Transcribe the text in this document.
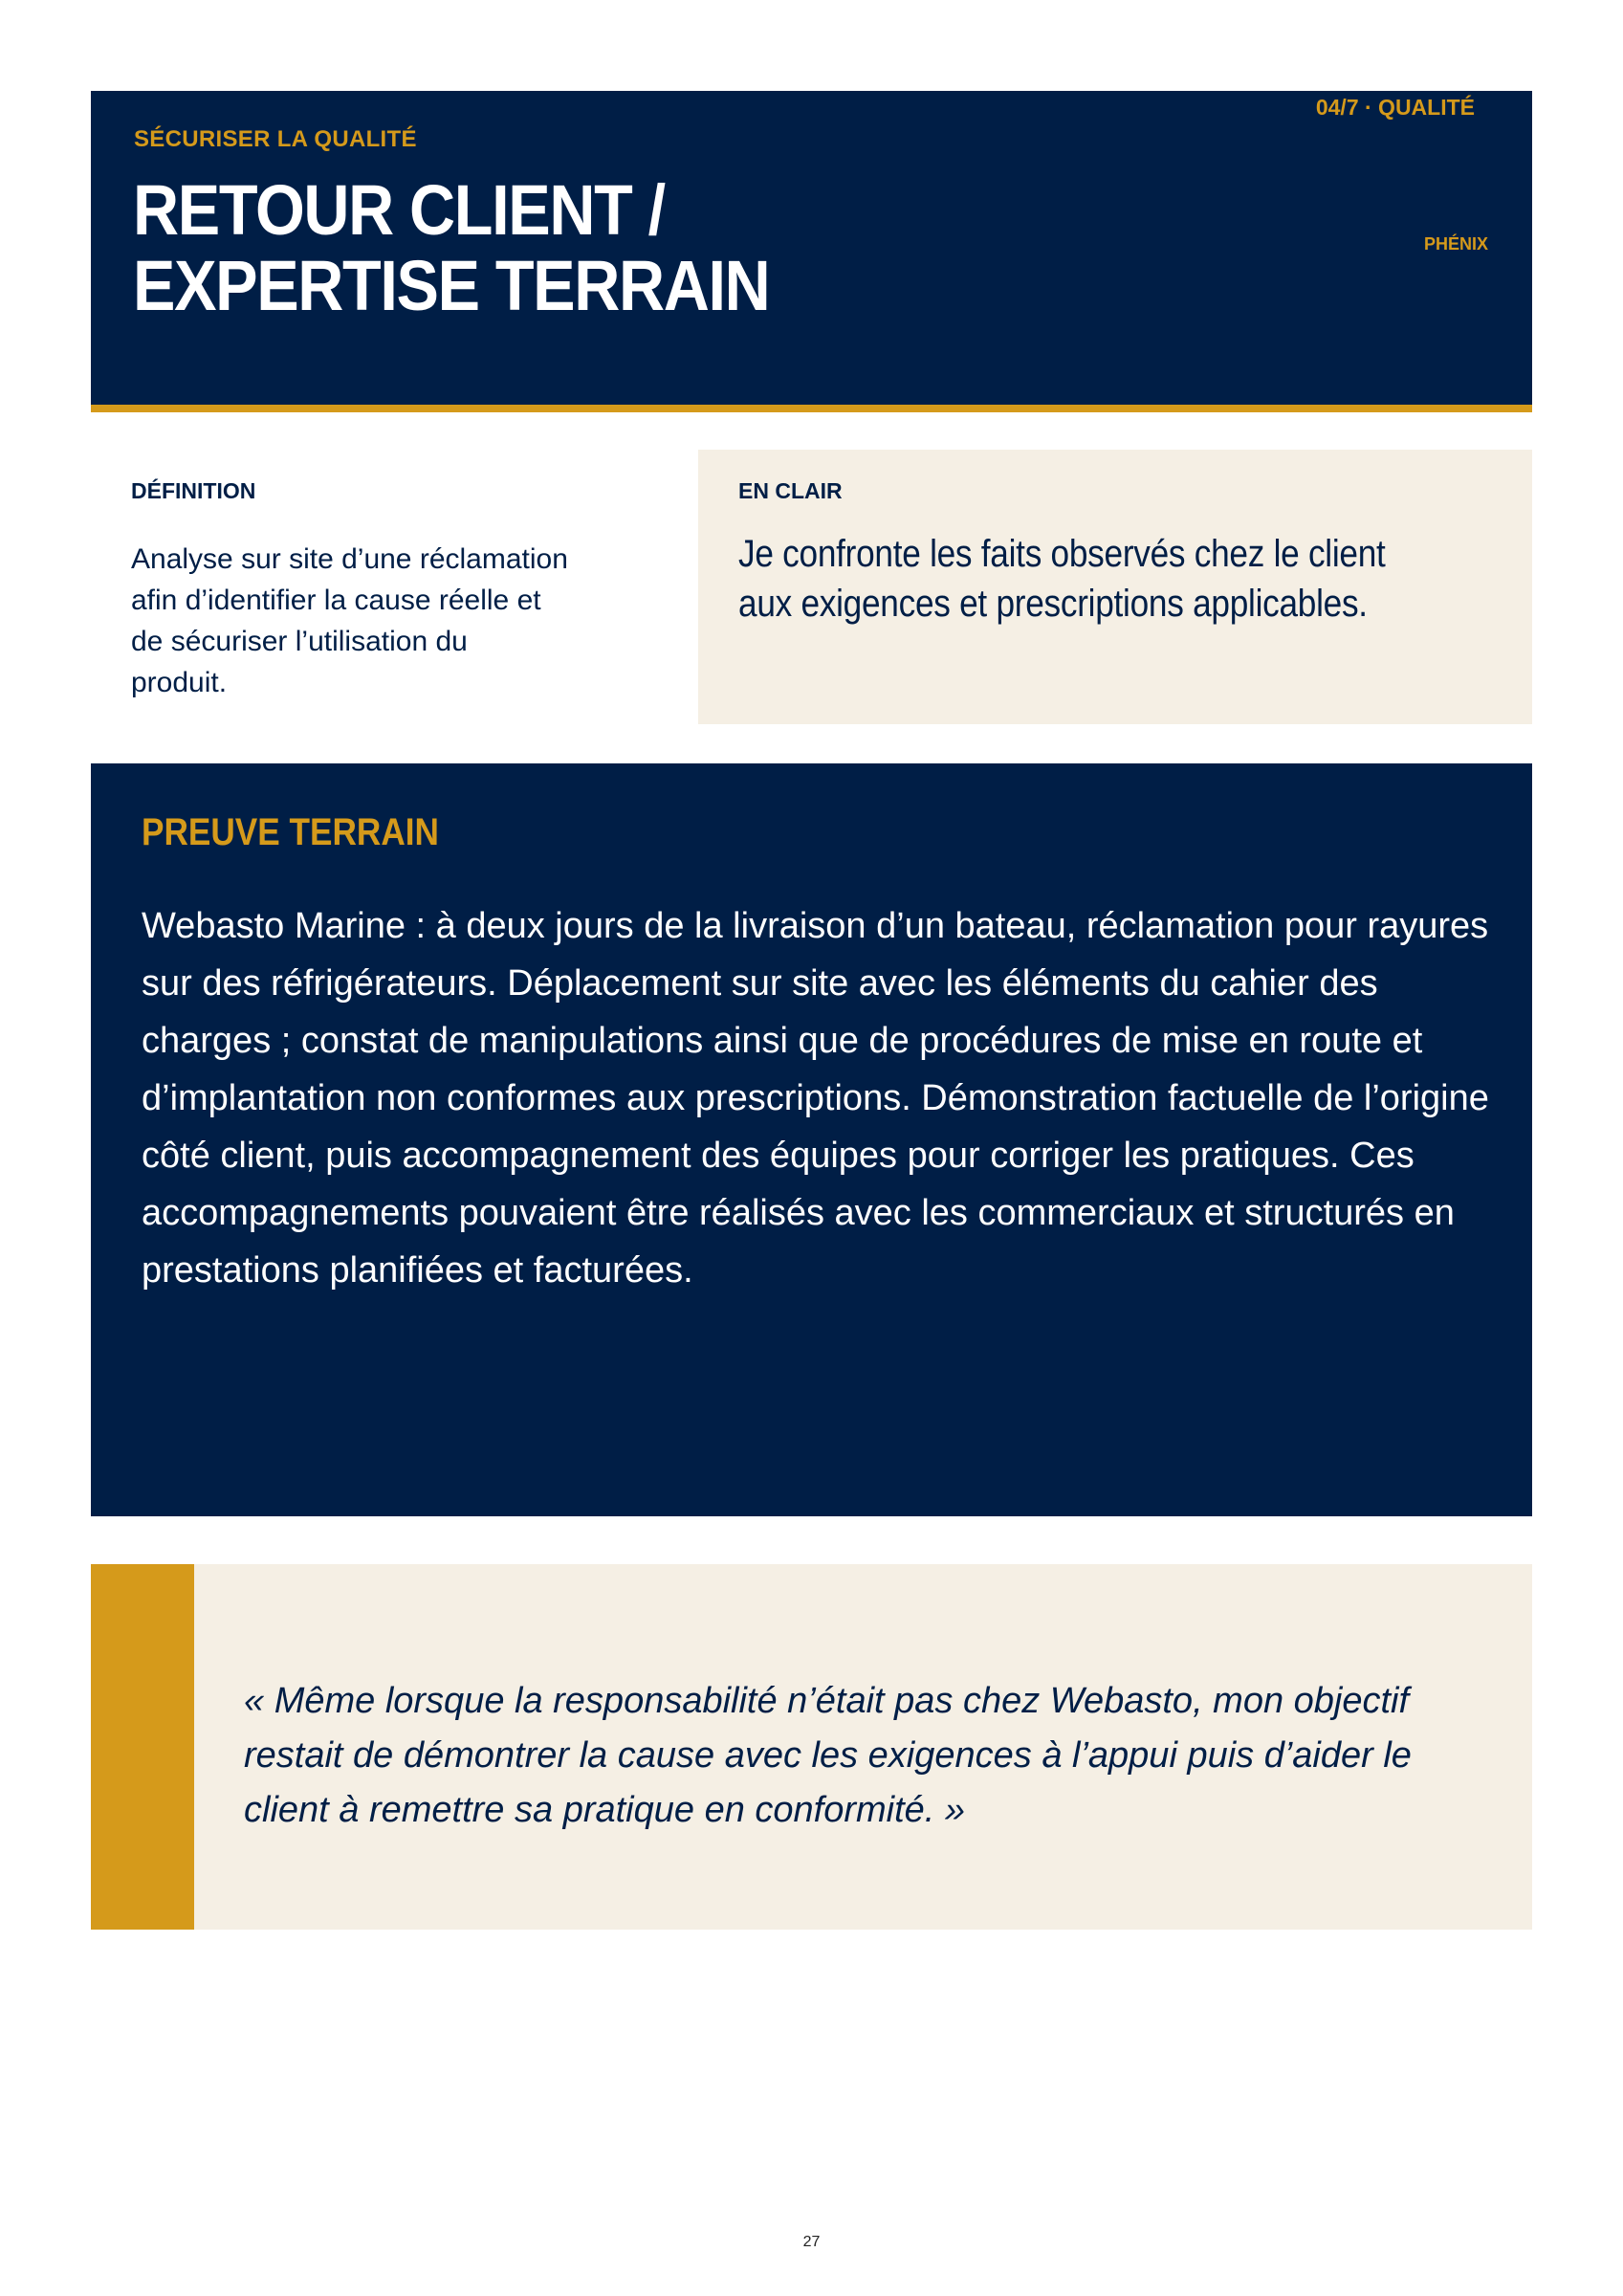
SÉCURISER LA QUALITÉ
RETOUR CLIENT /
EXPERTISE TERRAIN
04/7 · QUALITÉ
PHÉNIX

DÉFINITION

Analyse sur site d’une réclamation afin d’identifier la cause réelle et de sécuriser l’utilisation du produit.

EN CLAIR

Je confronte les faits observés chez le client aux exigences et prescriptions applicables.
PREUVE TERRAIN
Webasto Marine : à deux jours de la livraison d’un bateau, réclamation pour rayures sur des réfrigérateurs. Déplacement sur site avec les éléments du cahier des charges ; constat de manipulations ainsi que de procédures de mise en route et d’implantation non conformes aux prescriptions. Démonstration factuelle de l’origine côté client, puis accompagnement des équipes pour corriger les pratiques. Ces accompagnements pouvaient être réalisés avec les commerciaux et structurés en prestations planifiées et facturées.
« Même lorsque la responsabilité n’était pas chez Webasto, mon objectif restait de démontrer la cause avec les exigences à l’appui puis d’aider le client à remettre sa pratique en conformité. »
27
